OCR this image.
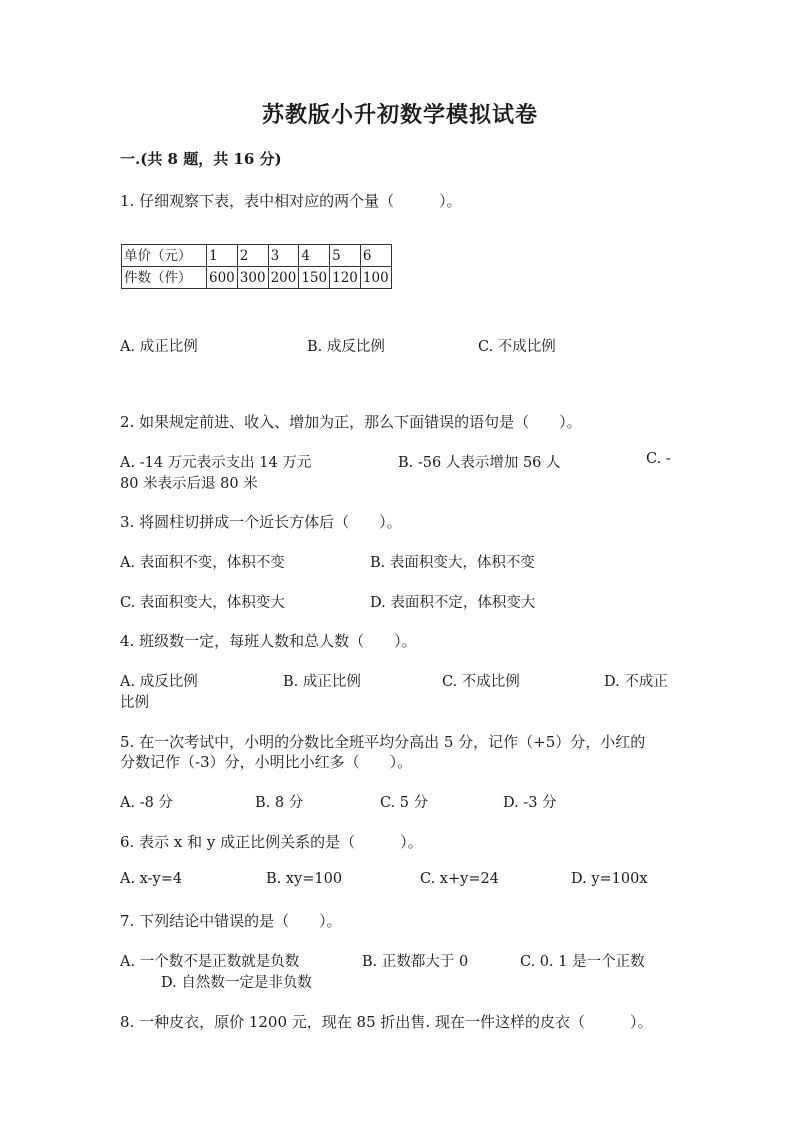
苏教版小升初数学模拟试卷
一.(共 8 题，共 16 分)
1. 仔细观察下表，表中相对应的两个量（　　　）。
单价（元）	1	2	3	4	5	6
件数（件）	600	300	200	150	120	100
A. 成正比例	B. 成反比例	C. 不成比例
2. 如果规定前进、收入、增加为正，那么下面错误的语句是（　　）。
A. -14 万元表示支出 14 万元	B. -56 人表示增加 56 人	C. -
80 米表示后退 80 米
3. 将圆柱切拼成一个近长方体后（　　）。
A. 表面积不变，体积不变	B. 表面积变大，体积不变
C. 表面积变大，体积变大	D. 表面积不定，体积变大
4. 班级数一定，每班人数和总人数（　　）。
A. 成反比例	B. 成正比例	C. 不成比例	D. 不成正
比例
5. 在一次考试中，小明的分数比全班平均分高出 5 分，记作（+5）分，小红的
分数记作（-3）分，小明比小红多（　　）。
A. -8 分	B. 8 分	C. 5 分	D. -3 分
6. 表示 x 和 y 成正比例关系的是（　　　）。
A. x-y=4	B. xy=100	C. x+y=24	D. y=100x
7. 下列结论中错误的是（　　）。
A. 一个数不是正数就是负数	B. 正数都大于 0	C. 0. 1 是一个正数
D. 自然数一定是非负数
8. 一种皮衣，原价 1200 元，现在 85 折出售. 现在一件这样的皮衣（　　　）。
